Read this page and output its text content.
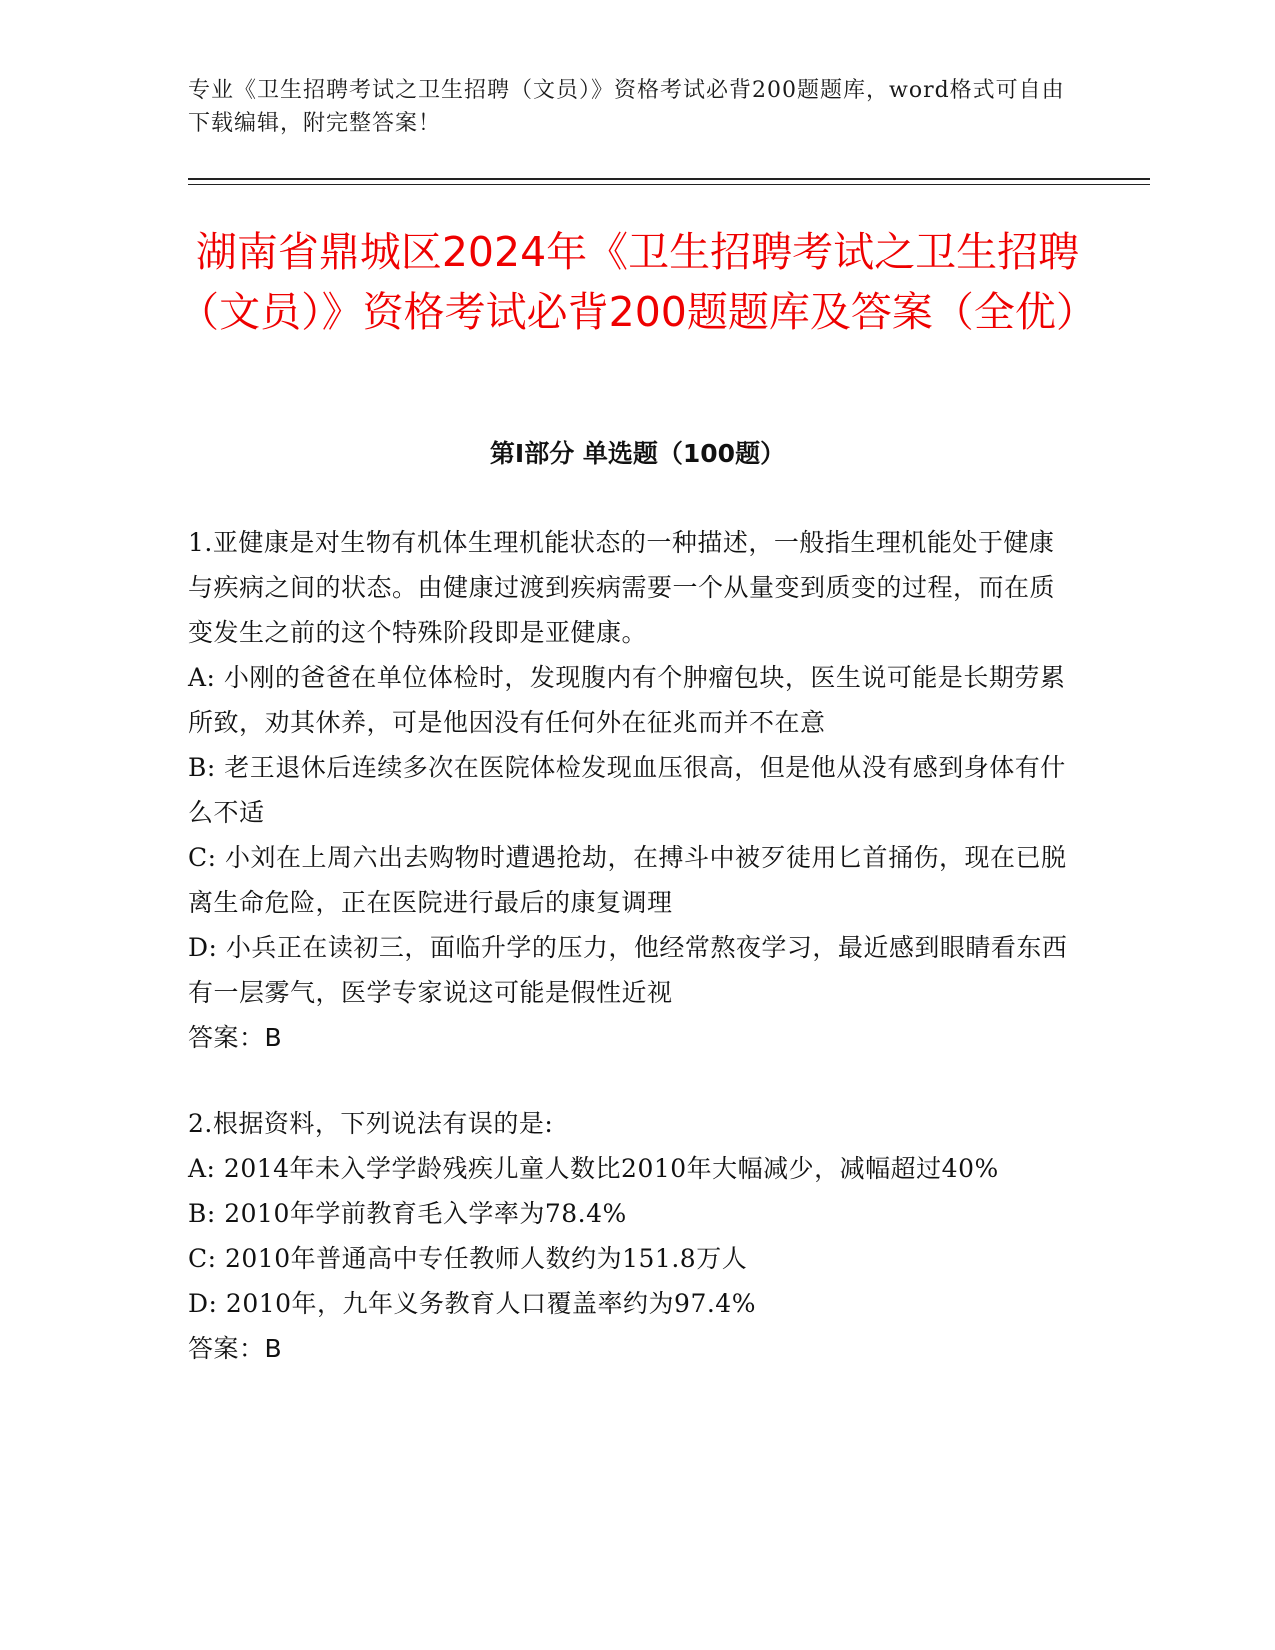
专业《卫生招聘考试之卫生招聘（文员）》资格考试必背200题题库，word格式可自由下载编辑，附完整答案！
湖南省鼎城区2024年《卫生招聘考试之卫生招聘（文员）》资格考试必背200题题库及答案（全优）
第I部分 单选题（100题）

1.亚健康是对生物有机体生理机能状态的一种描述，一般指生理机能处于健康与疾病之间的状态。由健康过渡到疾病需要一个从量变到质变的过程，而在质变发生之前的这个特殊阶段即是亚健康。

A: 小刚的爸爸在单位体检时，发现腹内有个肿瘤包块，医生说可能是长期劳累所致，劝其休养，可是他因没有任何外在征兆而并不在意

B: 老王退休后连续多次在医院体检发现血压很高，但是他从没有感到身体有什么不适

C: 小刘在上周六出去购物时遭遇抢劫，在搏斗中被歹徒用匕首捅伤，现在已脱离生命危险，正在医院进行最后的康复调理

D: 小兵正在读初三，面临升学的压力，他经常熬夜学习，最近感到眼睛看东西有一层雾气，医学专家说这可能是假性近视

答案：B

2.根据资料，下列说法有误的是:

A: 2014年未入学学龄残疾儿童人数比2010年大幅减少，减幅超过40%

B: 2010年学前教育毛入学率为78.4%

C: 2010年普通高中专任教师人数约为151.8万人

D: 2010年，九年义务教育人口覆盖率约为97.4%

答案：B
